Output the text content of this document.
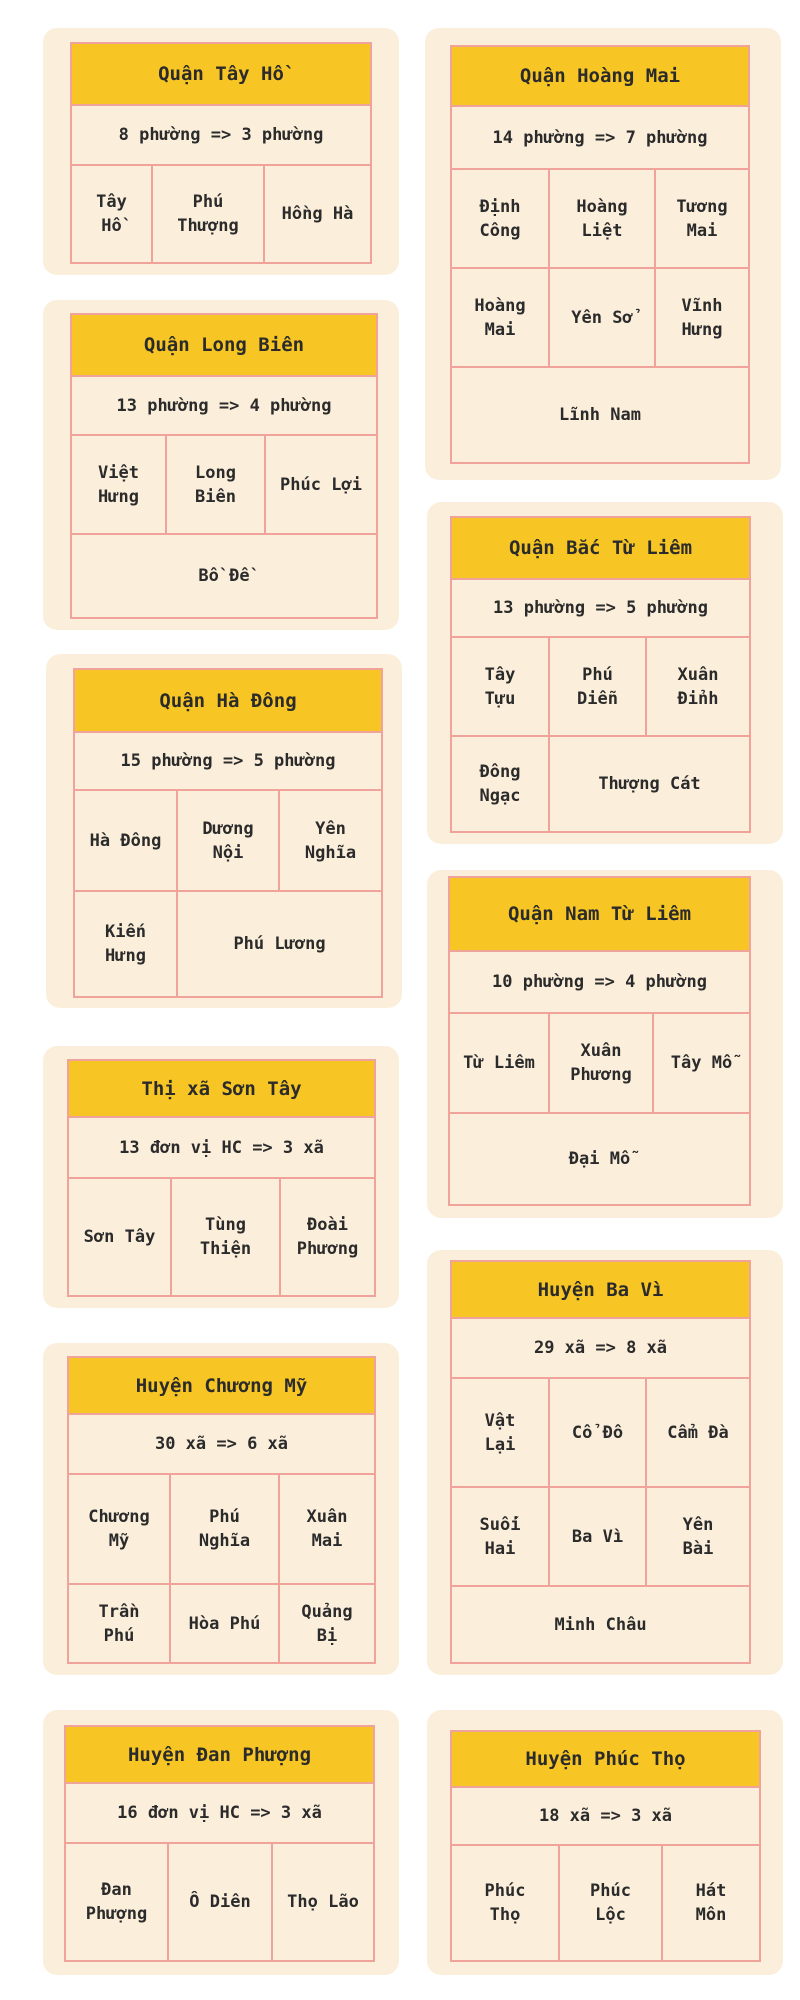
Quận Tây Hồ
8 phường => 3 phường
Tây
Hồ
Phú
Thượng
Hồng Hà
Quận Long Biên
13 phường => 4 phường
Việt
Hưng
Long
Biên
Phúc Lợi
Bồ Đề
Quận Hà Đông
15 phường => 5 phường
Hà Đông
Dương
Nội
Yên
Nghĩa
Kiến
Hưng
Phú Lương
Thị xã Sơn Tây
13 đơn vị HC => 3 xã
Sơn Tây
Tùng
Thiện
Đoài
Phương
Huyện Chương Mỹ
30 xã => 6 xã
Chương
Mỹ
Phú
Nghĩa
Xuân
Mai
Trần
Phú
Hòa Phú
Quảng
Bị
Huyện Đan Phượng
16 đơn vị HC => 3 xã
Đan
Phượng
Ô Diên	Thọ Lão
Quận Hoàng Mai
14 phường => 7 phường
Định
Công
Hoàng
Liệt
Tương
Mai
Hoàng
Mai
Yên Sở
Vĩnh
Hưng
Lĩnh Nam
Quận Bắc Từ Liêm
13 phường => 5 phường
Tây
Tựu
Phú
Diễn
Xuân
Đỉnh
Đông
Ngạc
Thượng Cát
Quận Nam Từ Liêm
10 phường => 4 phường
Từ Liêm
Xuân
Phương
Tây Mỗ
Đại Mỗ
Huyện Ba Vì
29 xã => 8 xã
Vật
Lại
Cổ Đô	Cẩm Đà
Suối
Hai
Ba Vì
Yên
Bài
Minh Châu
Huyện Phúc Thọ
18 xã => 3 xã
Phúc
Thọ
Phúc
Lộc
Hát
Môn
